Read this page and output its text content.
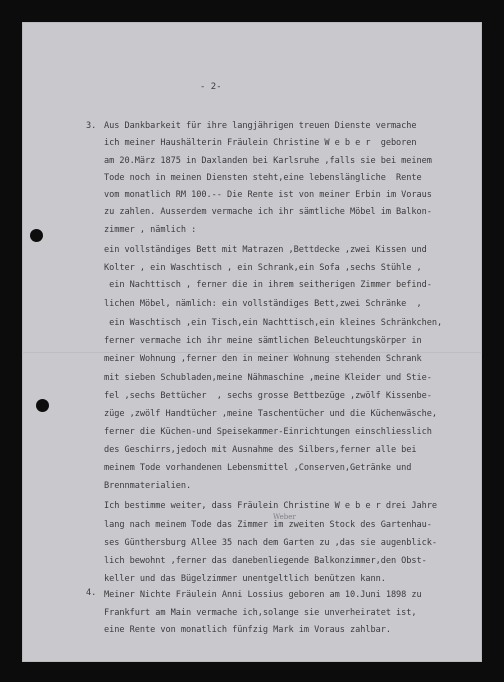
- 2-
3.
4.
Aus Dankbarkeit für ihre langjährigen treuen Dienste vermache
ich meiner Haushälterin Fräulein Christine W e b e r  geboren
am 20.März 1875 in Daxlanden bei Karlsruhe ,falls sie bei meinem
Tode noch in meinen Diensten steht,eine lebenslängliche  Rente
vom monatlich RM 100.-- Die Rente ist von meiner Erbin im Voraus
zu zahlen. Ausserdem vermache ich ihr sämtliche Möbel im Balkon-
zimmer , nämlich :
ein vollständiges Bett mit Matrazen ,Bettdecke ,zwei Kissen und
Kolter , ein Waschtisch , ein Schrank,ein Sofa ,sechs Stühle ,
ein Nachttisch , ferner die in ihrem seitherigen Zimmer befind-
lichen Möbel, nämlich: ein vollständiges Bett,zwei Schränke  ,
ein Waschtisch ,ein Tisch,ein Nachttisch,ein kleines Schränkchen,
ferner vermache ich ihr meine sämtlichen Beleuchtungskörper in
meiner Wohnung ,ferner den in meiner Wohnung stehenden Schrank
mit sieben Schubladen,meine Nähmaschine ,meine Kleider und Stie-
fel ,sechs Bettücher  , sechs grosse Bettbezüge ,zwölf Kissenbe-
züge ,zwölf Handtücher ,meine Taschentücher und die Küchenwäsche,
ferner die Küchen-und Speisekammer-Einrichtungen einschliesslich
des Geschirrs,jedoch mit Ausnahme des Silbers,ferner alle bei
meinem Tode vorhandenen Lebensmittel ,Conserven,Getränke und
Brennmaterialien.
Ich bestimme weiter, dass Fräulein Christine W e b e r drei Jahre
Weber
lang nach meinem Tode das Zimmer im zweiten Stock des Gartenhau-
ses Günthersburg Allee 35 nach dem Garten zu ,das sie augenblick-
lich bewohnt ,ferner das danebenliegende Balkonzimmer,den Obst-
keller und das Bügelzimmer unentgeltlich benützen kann.
Meiner Nichte Fräulein Anni Lossius geboren am 10.Juni 1898 zu
Frankfurt am Main vermache ich,solange sie unverheiratet ist,
eine Rente von monatlich fünfzig Mark im Voraus zahlbar.
